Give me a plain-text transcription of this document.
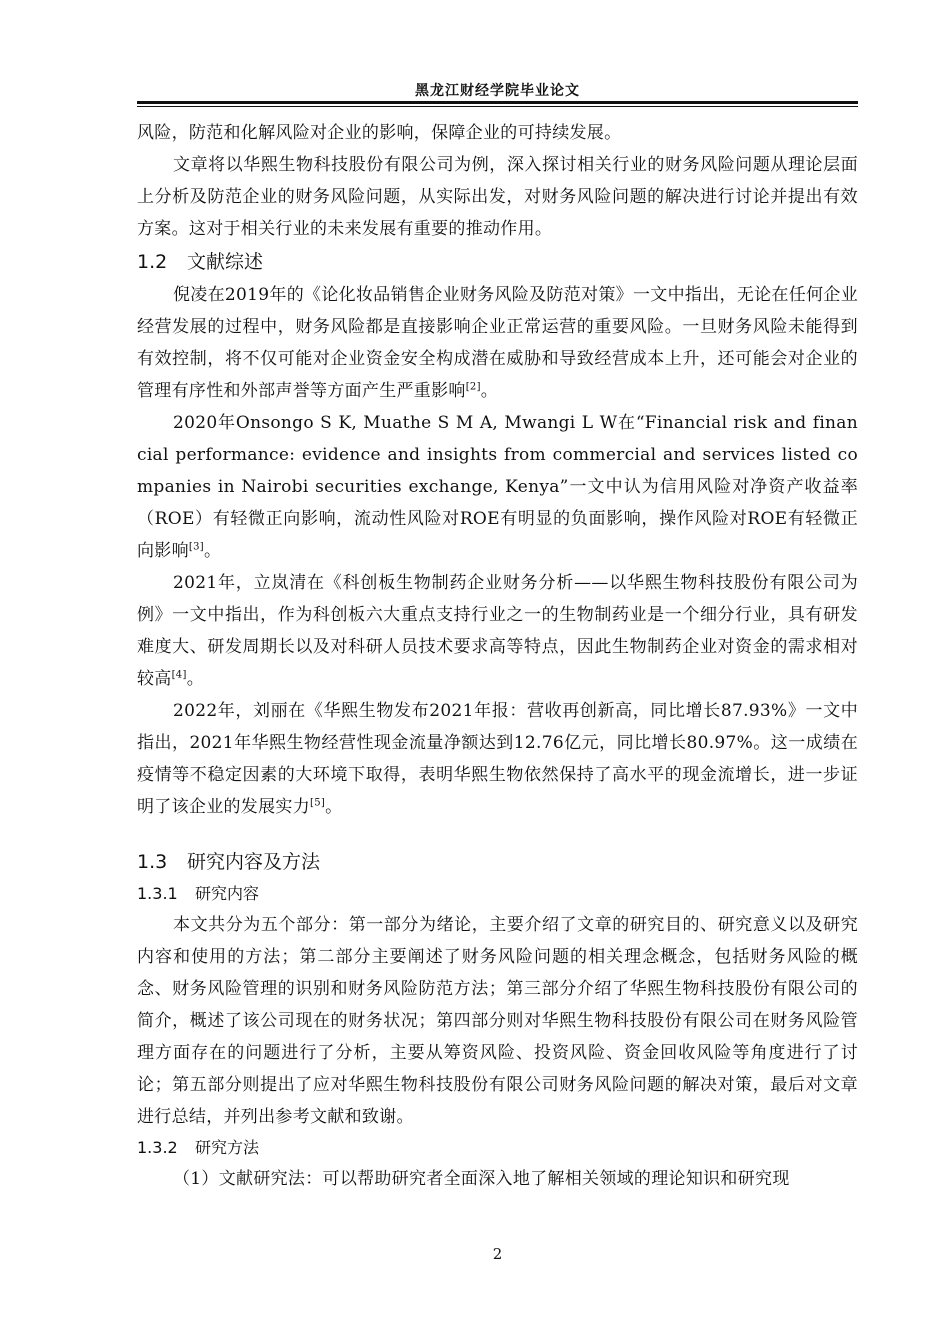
黑龙江财经学院毕业论文

风险，防范和化解风险对企业的影响，保障企业的可持续发展。

文章将以华熙生物科技股份有限公司为例，深入探讨相关行业的财务风险问题从理论层面上分析及防范企业的财务风险问题，从实际出发，对财务风险问题的解决进行讨论并提出有效方案。这对于相关行业的未来发展有重要的推动作用。

1.2 文献综述

倪凌在2019年的《论化妆品销售企业财务风险及防范对策》一文中指出，无论在任何企业经营发展的过程中，财务风险都是直接影响企业正常运营的重要风险。一旦财务风险未能得到有效控制，将不仅可能对企业资金安全构成潜在威胁和导致经营成本上升，还可能会对企业的管理有序性和外部声誉等方面产生严重影响[2]。

2020年Onsongo S K, Muathe S M A, Mwangi L W在“Financial risk and financial performance: evidence and insights from commercial and services listed companies in Nairobi securities exchange, Kenya”一文中认为信用风险对净资产收益率（ROE）有轻微正向影响，流动性风险对ROE有明显的负面影响，操作风险对ROE有轻微正向影响[3]。

2021年，立岚清在《科创板生物制药企业财务分析——以华熙生物科技股份有限公司为例》一文中指出，作为科创板六大重点支持行业之一的生物制药业是一个细分行业，具有研发难度大、研发周期长以及对科研人员技术要求高等特点，因此生物制药企业对资金的需求相对较高[4]。

2022年，刘丽在《华熙生物发布2021年报：营收再创新高，同比增长87.93%》一文中指出，2021年华熙生物经营性现金流量净额达到12.76亿元，同比增长80.97%。这一成绩在疫情等不稳定因素的大环境下取得，表明华熙生物依然保持了高水平的现金流增长，进一步证明了该企业的发展实力[5]。

1.3 研究内容及方法
1.3.1 研究内容

本文共分为五个部分：第一部分为绪论，主要介绍了文章的研究目的、研究意义以及研究内容和使用的方法；第二部分主要阐述了财务风险问题的相关理念概念，包括财务风险的概念、财务风险管理的识别和财务风险防范方法；第三部分介绍了华熙生物科技股份有限公司的简介，概述了该公司现在的财务状况；第四部分则对华熙生物科技股份有限公司在财务风险管理方面存在的问题进行了分析，主要从筹资风险、投资风险、资金回收风险等角度进行了讨论；第五部分则提出了应对华熙生物科技股份有限公司财务风险问题的解决对策，最后对文章进行总结，并列出参考文献和致谢。

1.3.2 研究方法

（1）文献研究法：可以帮助研究者全面深入地了解相关领域的理论知识和研究现

2
